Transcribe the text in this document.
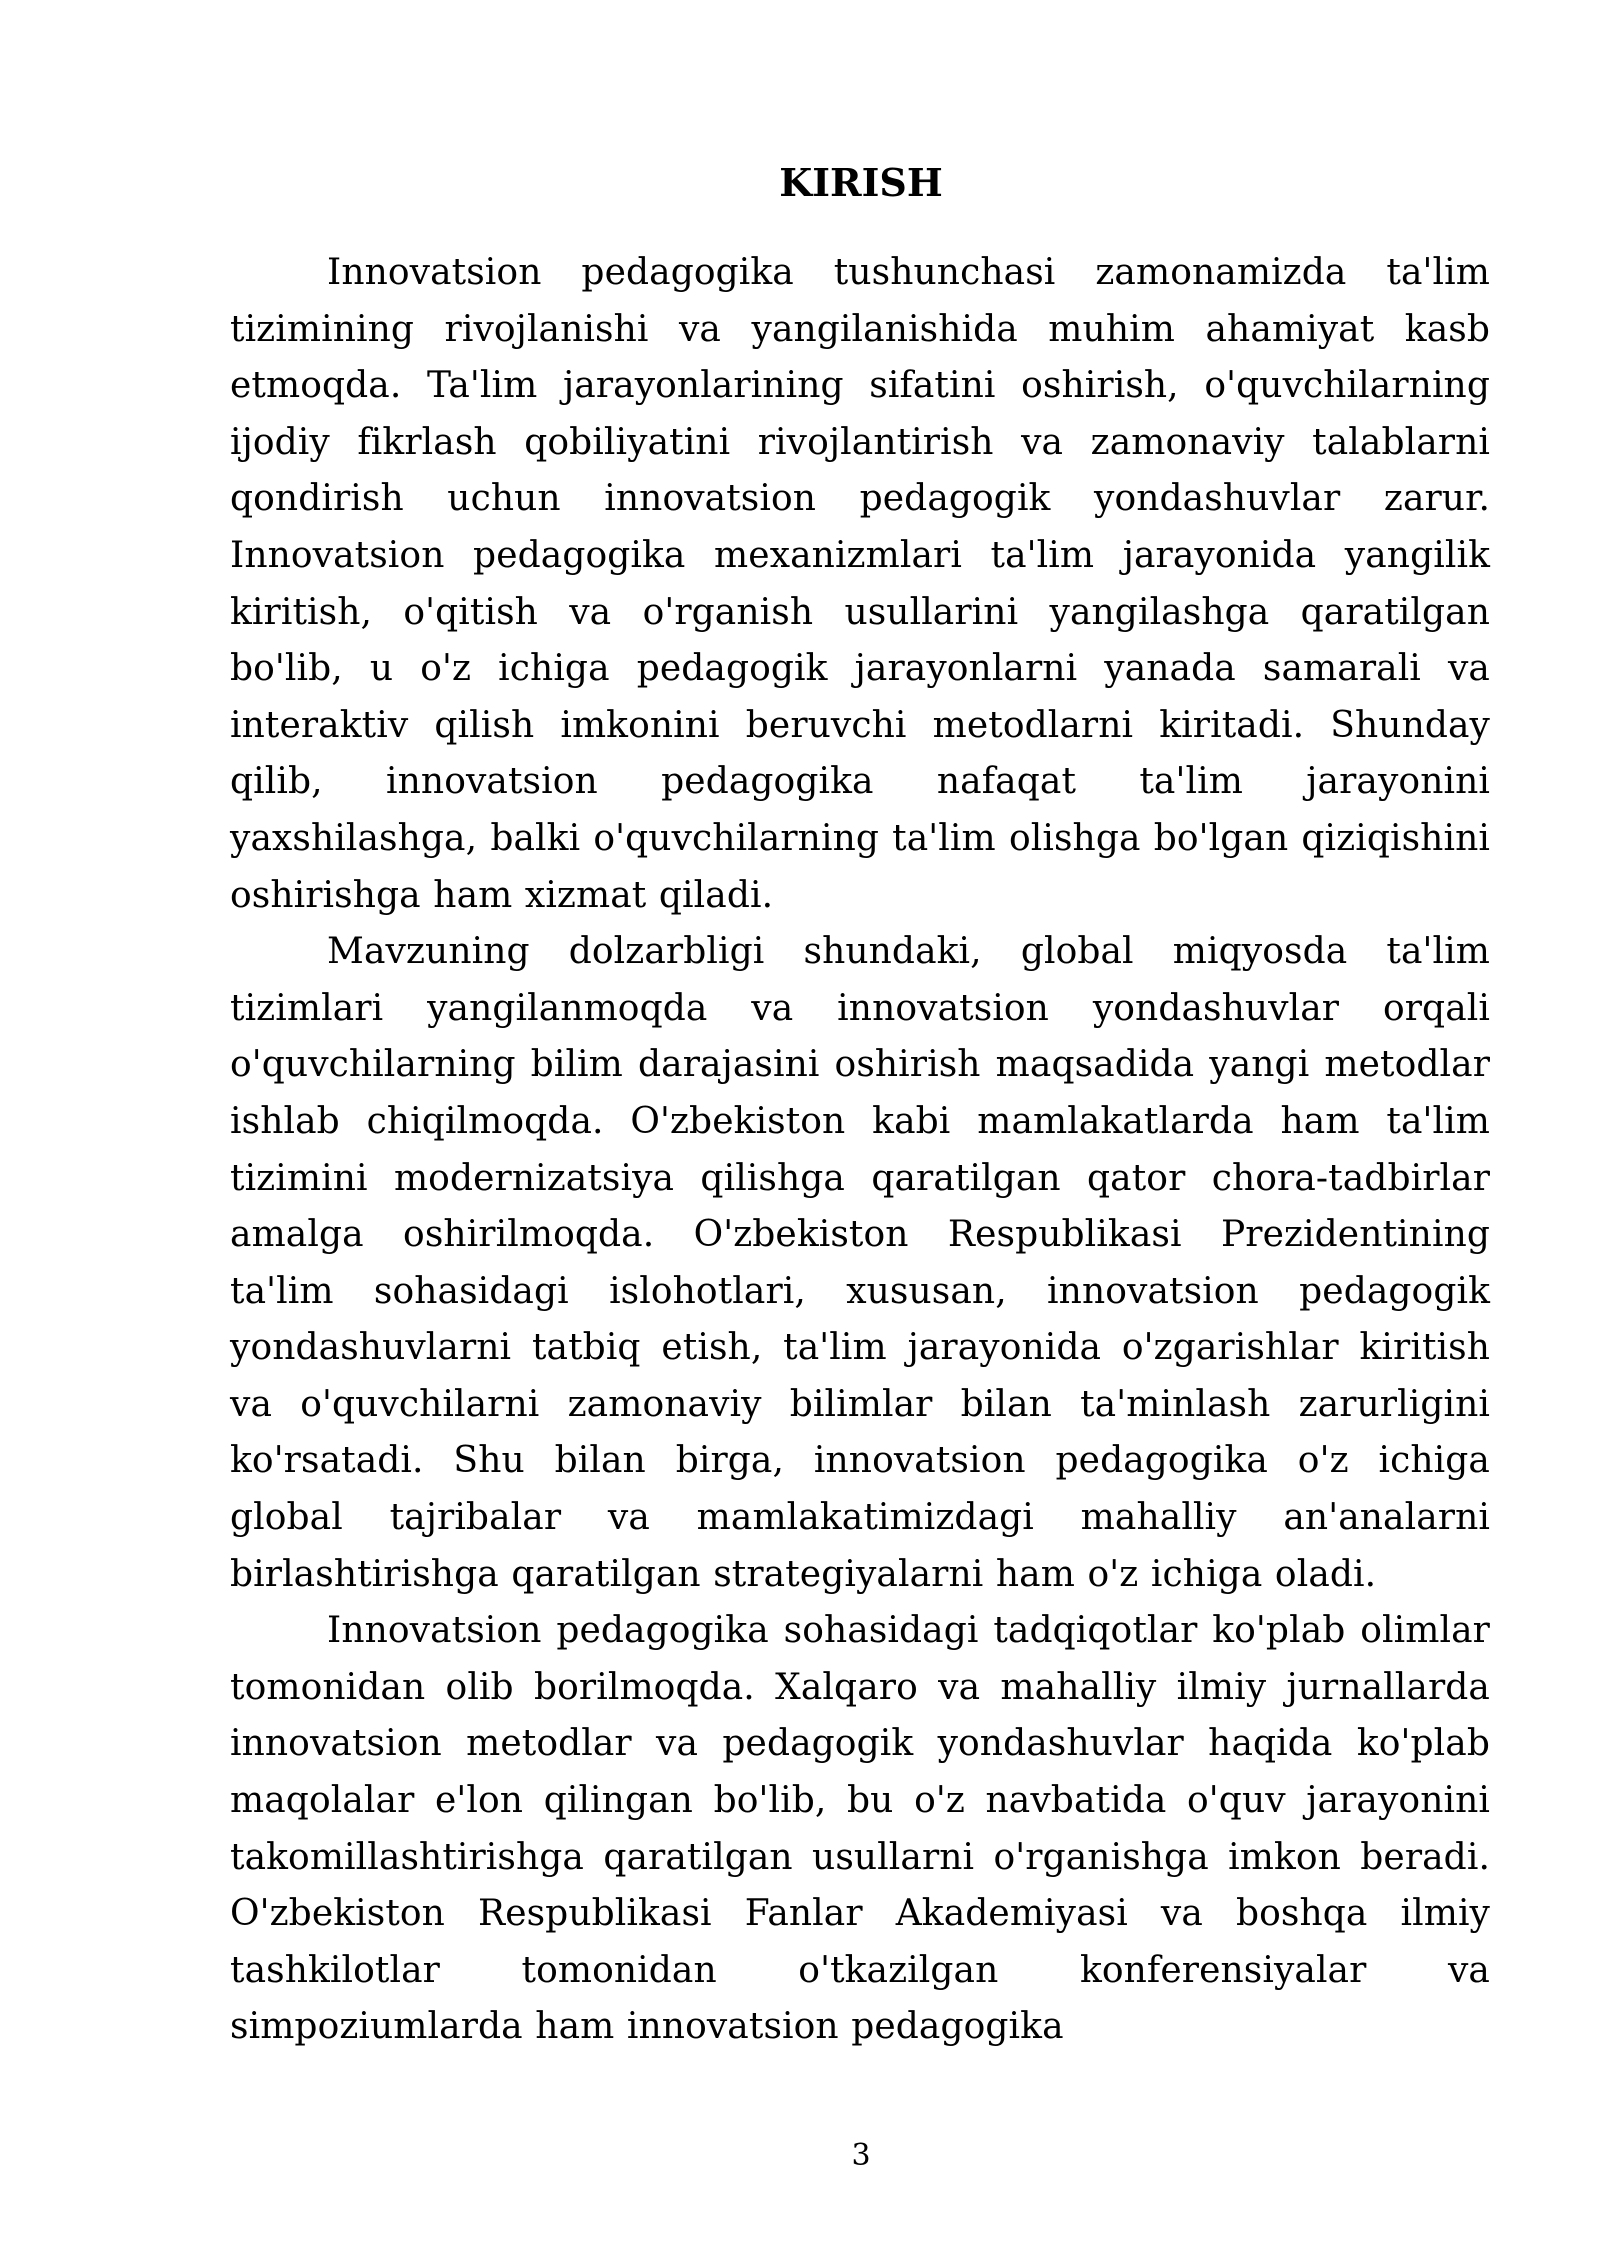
KIRISH

Innovatsion pedagogika tushunchasi zamonamizda ta'lim tizimining rivojlanishi va yangilanishida muhim ahamiyat kasb etmoqda. Ta'lim jarayonlarining sifatini oshirish, o'quvchilarning ijodiy fikrlash qobiliyatini rivojlantirish va zamonaviy talablarni qondirish uchun innovatsion pedagogik yondashuvlar zarur. Innovatsion pedagogika mexanizmlari ta'lim jarayonida yangilik kiritish, o'qitish va o'rganish usullarini yangilashga qaratilgan bo'lib, u o'z ichiga pedagogik jarayonlarni yanada samarali va interaktiv qilish imkonini beruvchi metodlarni kiritadi. Shunday qilib, innovatsion pedagogika nafaqat ta'lim jarayonini yaxshilashga, balki o'quvchilarning ta'lim olishga bo'lgan qiziqishini oshirishga ham xizmat qiladi.

Mavzuning dolzarbligi shundaki, global miqyosda ta'lim tizimlari yangilanmoqda va innovatsion yondashuvlar orqali o'quvchilarning bilim darajasini oshirish maqsadida yangi metodlar ishlab chiqilmoqda. O'zbekiston kabi mamlakatlarda ham ta'lim tizimini modernizatsiya qilishga qaratilgan qator chora-tadbirlar amalga oshirilmoqda. O'zbekiston Respublikasi Prezidentining ta'lim sohasidagi islohotlari, xususan, innovatsion pedagogik yondashuvlarni tatbiq etish, ta'lim jarayonida o'zgarishlar kiritish va o'quvchilarni zamonaviy bilimlar bilan ta'minlash zarurligini ko'rsatadi. Shu bilan birga, innovatsion pedagogika o'z ichiga global tajribalar va mamlakatimizdagi mahalliy an'analarni birlashtirishga qaratilgan strategiyalarni ham o'z ichiga oladi.

Innovatsion pedagogika sohasidagi tadqiqotlar ko'plab olimlar tomonidan olib borilmoqda. Xalqaro va mahalliy ilmiy jurnallarda innovatsion metodlar va pedagogik yondashuvlar haqida ko'plab maqolalar e'lon qilingan bo'lib, bu o'z navbatida o'quv jarayonini takomillashtirishga qaratilgan usullarni o'rganishga imkon beradi. O'zbekiston Respublikasi Fanlar Akademiyasi va boshqa ilmiy tashkilotlar tomonidan o'tkazilgan konferensiyalar va simpoziumlarda ham innovatsion pedagogika

3
